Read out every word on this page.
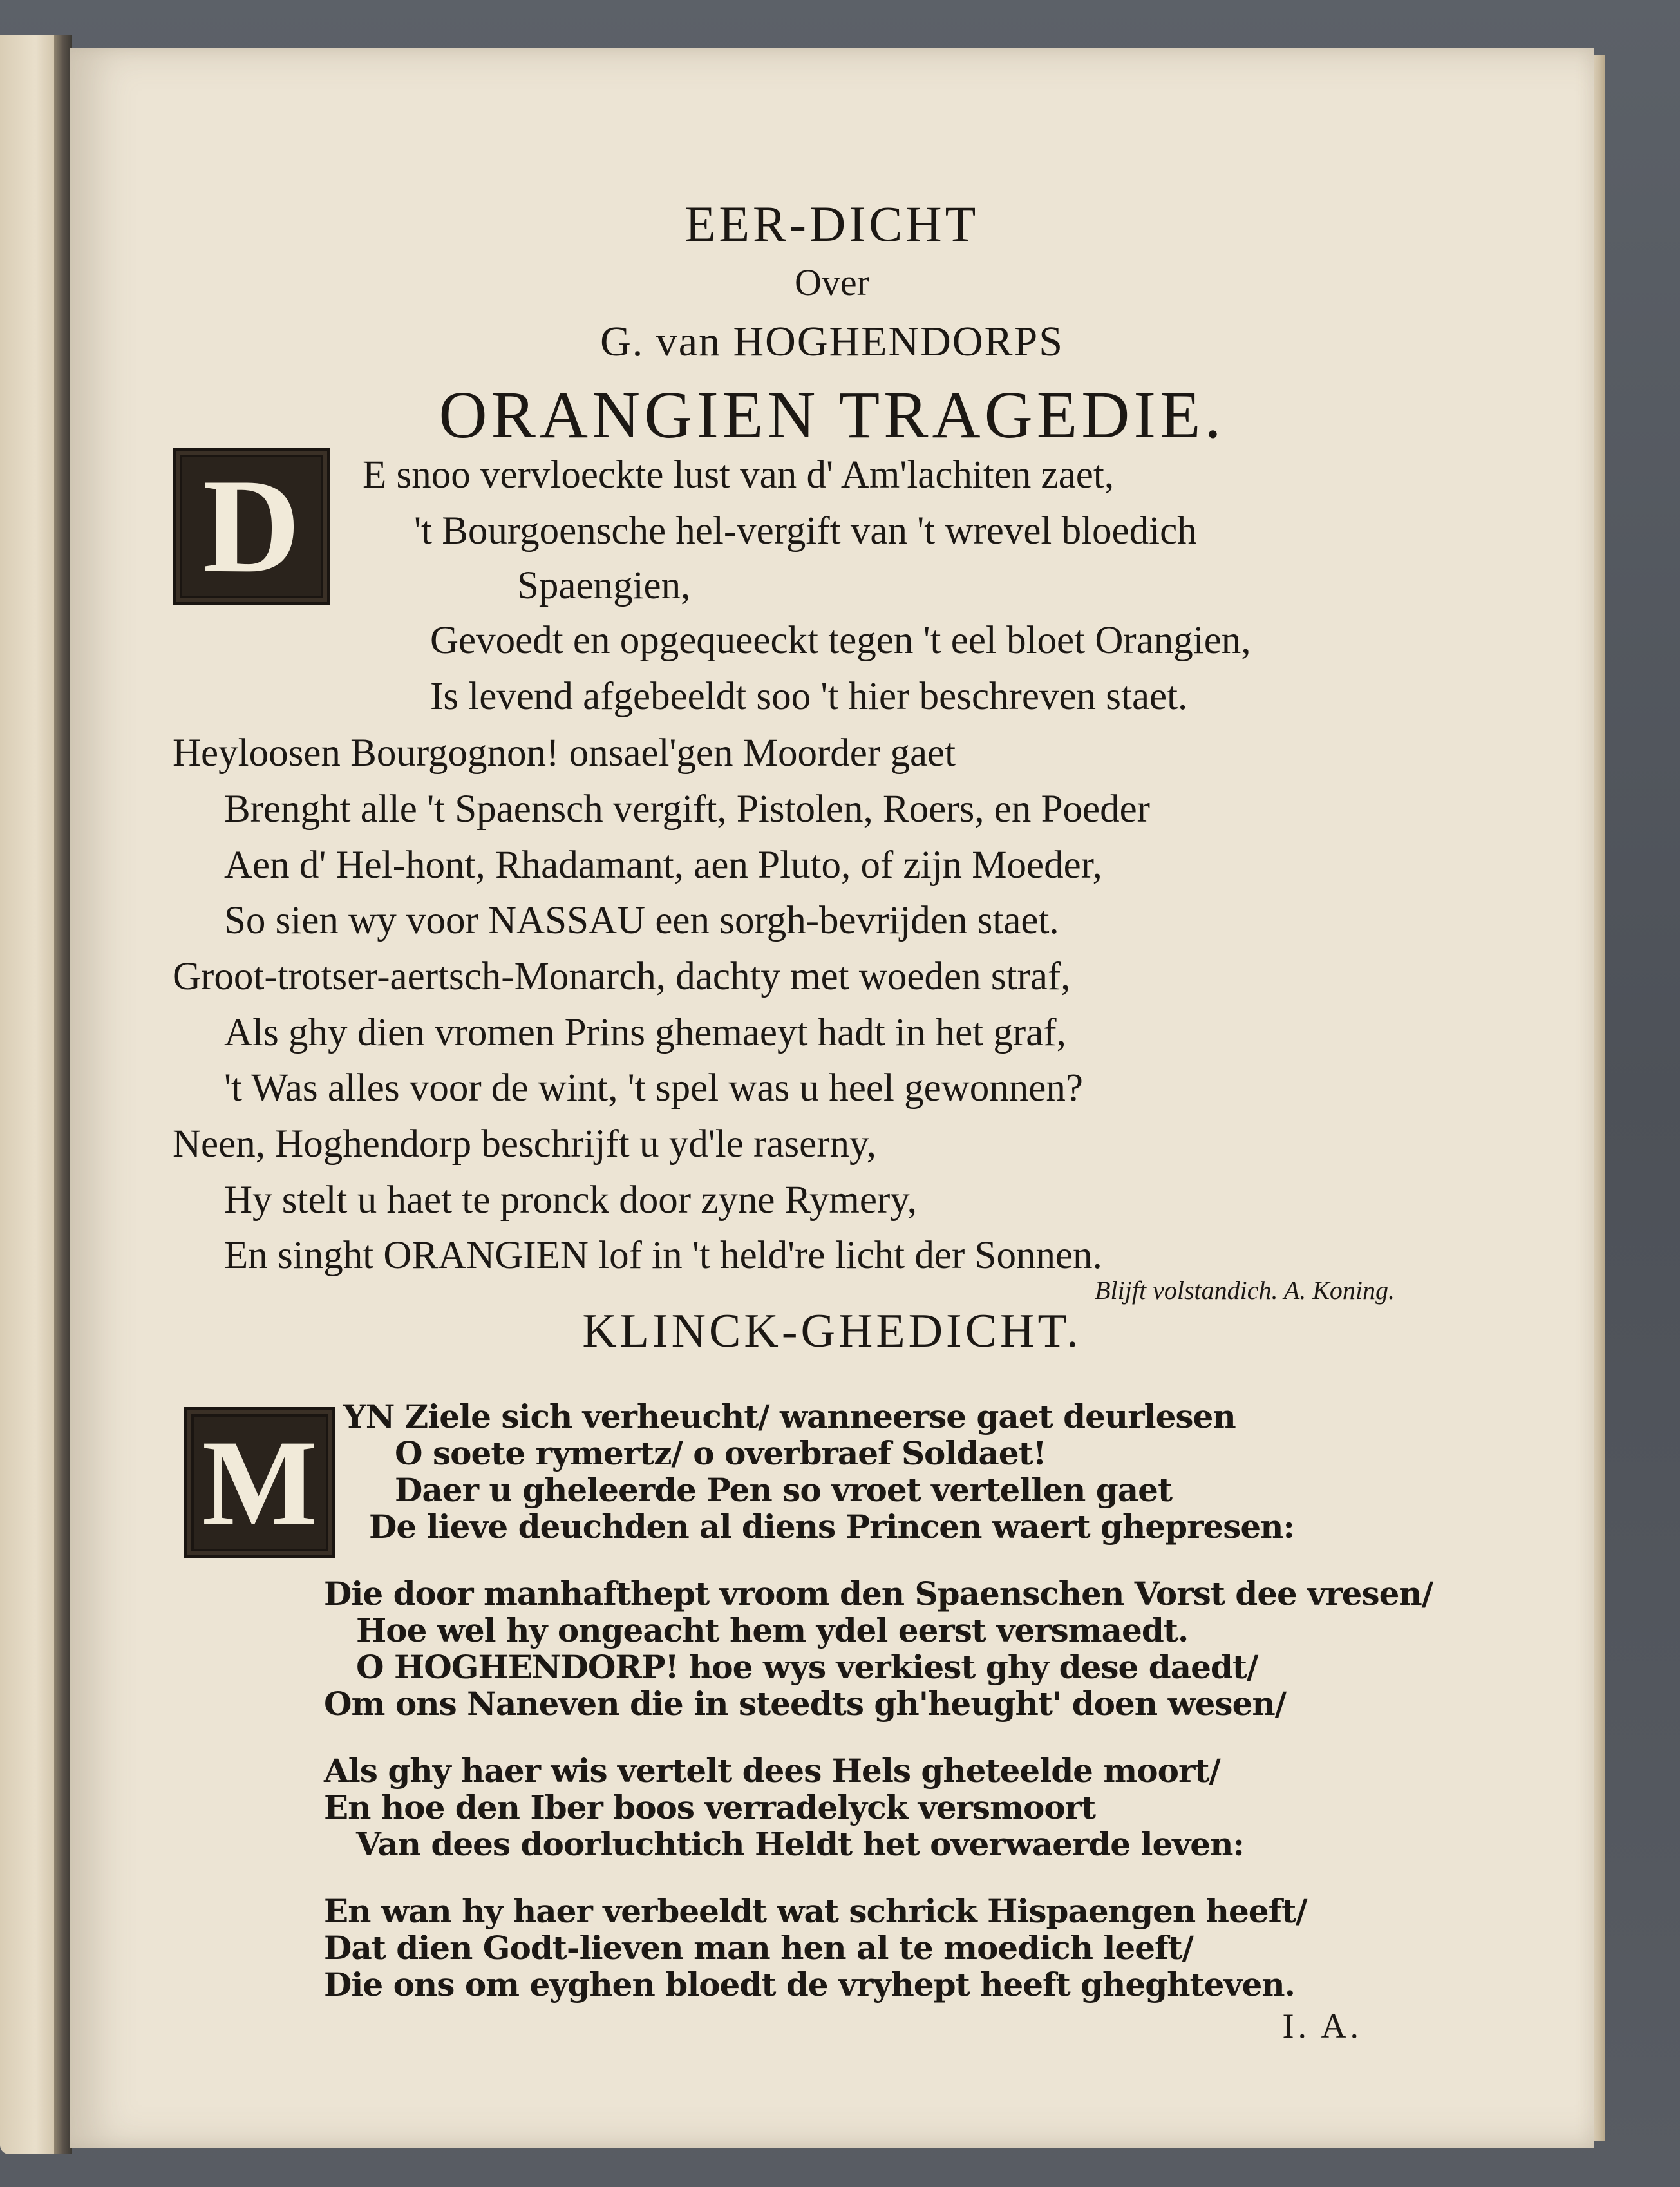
EER-DICHT
Over
G. van HOGHENDORPS
ORANGIEN TRAGEDIE.
D E snoo vervloeckte lust van d' Am'lachiten zaet,
't Bourgoensche hel-vergift van 't wrevel bloedich
Spaengien,
Gevoedt en opgequeeckt tegen 't eel bloet Orangien,
Is levend afgebeeldt soo 't hier beschreven staet.
Heyloosen Bourgognon! onsael'gen Moorder gaet
Brenght alle 't Spaensch vergift, Pistolen, Roers, en Poeder
Aen d' Hel-hont, Rhadamant, aen Pluto, of zijn Moeder,
So sien wy voor NASSAU een sorgh-bevrijden staet.
Groot-trotser-aertsch-Monarch, dachty met woeden straf,
Als ghy dien vromen Prins ghemaeyt hadt in het graf,
't Was alles voor de wint, 't spel was u heel gewonnen?
Neen, Hoghendorp beschrijft u yd'le raserny,
Hy stelt u haet te pronck door zyne Rymery,
En singht ORANGIEN lof in 't held're licht der Sonnen.
Blijft volstandich. A. Koning.
KLINCK-GHEDICHT.
M YN Ziele sich verheucht/ wanneerse gaet deurlesen
O soete rymertz/ o overbraef Soldaet!
Daer u gheleerde Pen so vroet vertellen gaet
De lieve deuchden al diens Princen waert ghepresen:
Die door manhafthept vroom den Spaenschen Vorst dee vresen/
Hoe wel hy ongeacht hem ydel eerst versmaedt.
O HOGHENDORP! hoe wys verkiest ghy dese daedt/
Om ons Naneven die in steedts gh'heught' doen wesen/
Als ghy haer wis vertelt dees Hels gheteelde moort/
En hoe den Iber boos verradelyck versmoort
Van dees doorluchtich Heldt het overwaerde leven:
En wan hy haer verbeeldt wat schrick Hispaengen heeft/
Dat dien Godt-lieven man hen al te moedich leeft/
Die ons om eyghen bloedt de vryhept heeft gheghteven.
I. A.
